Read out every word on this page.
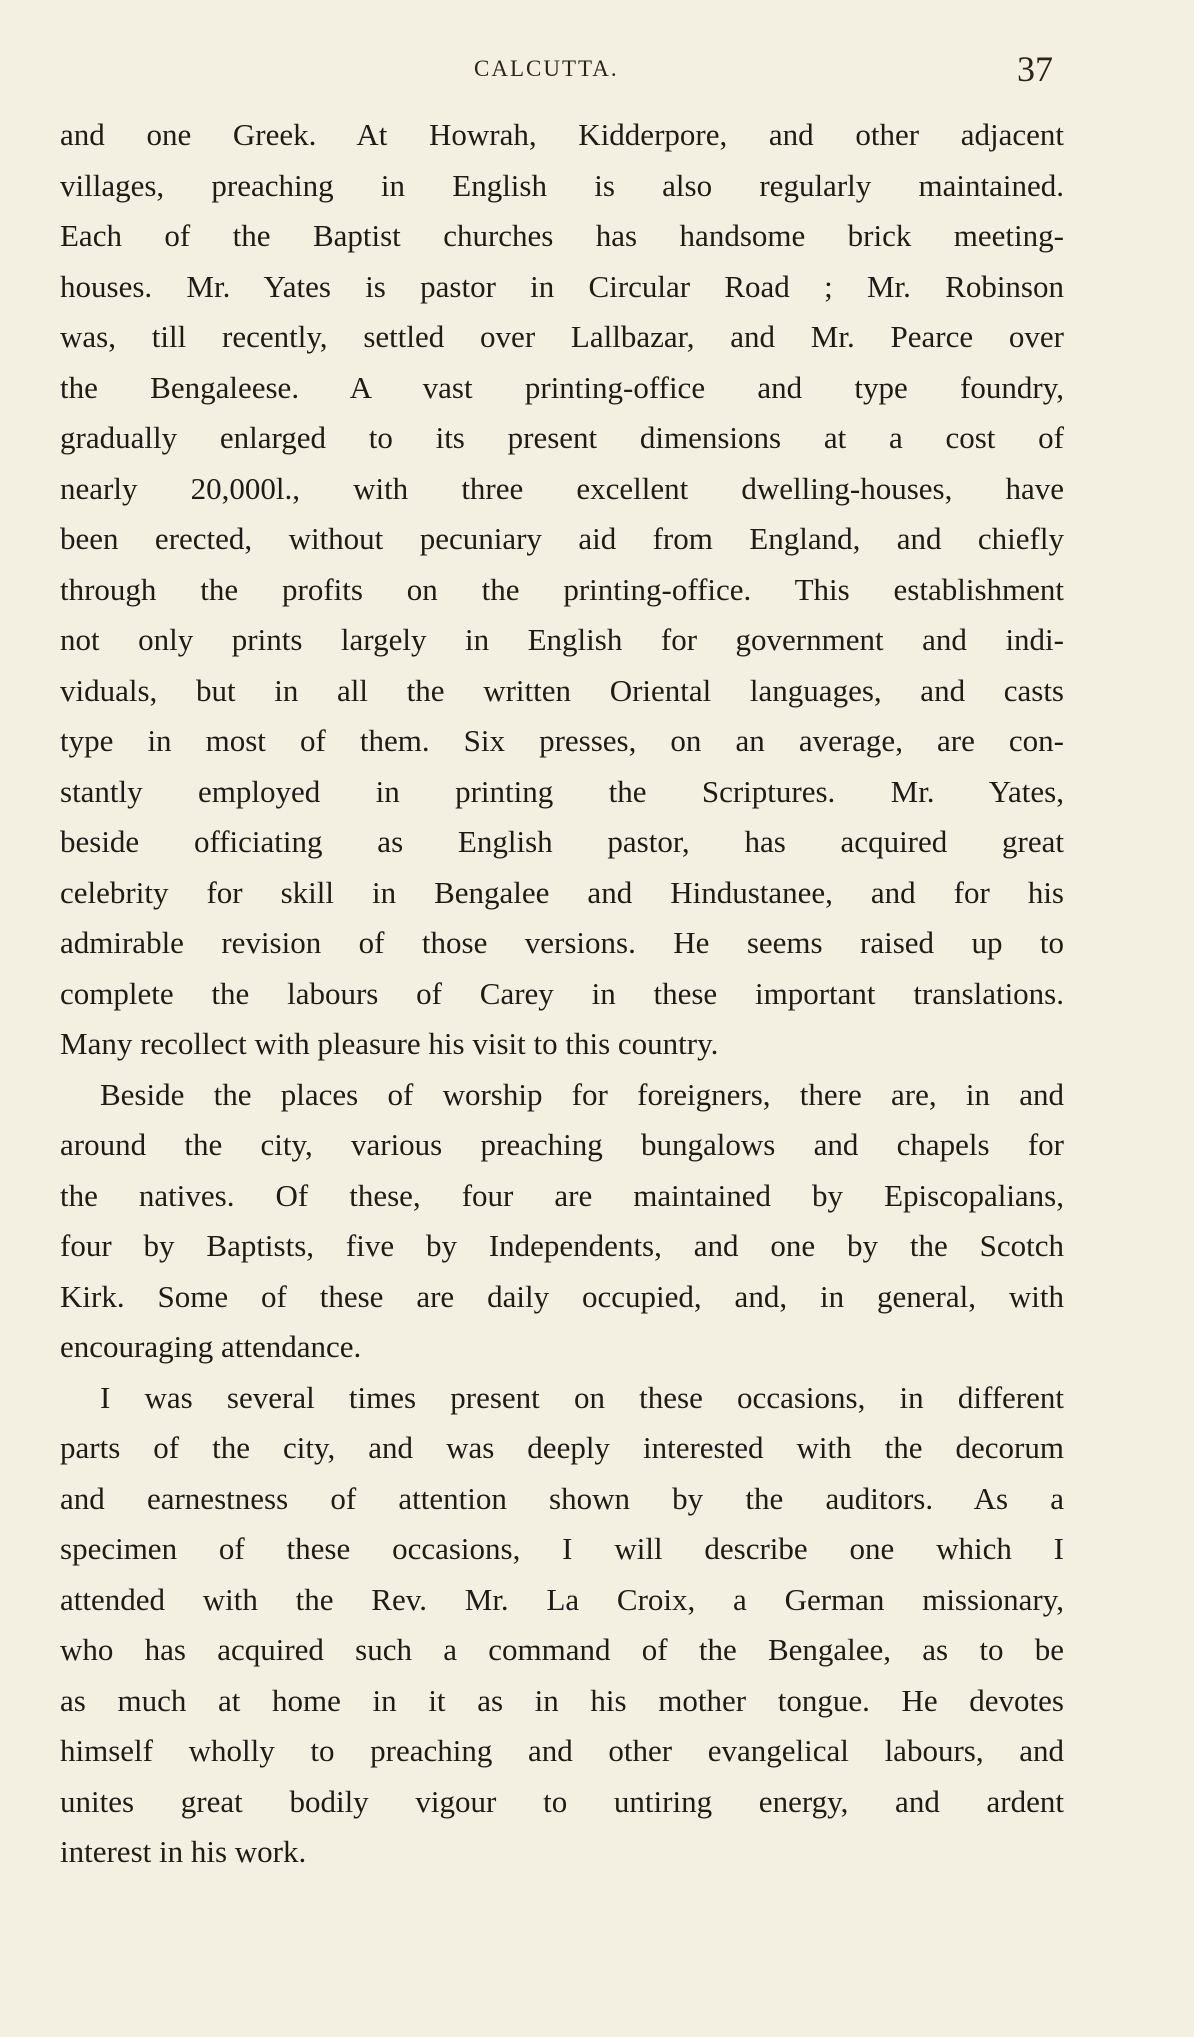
CALCUTTA.	37
and one Greek. At Howrah, Kidderpore, and other adjacent
villages, preaching in English is also regularly maintained.
Each of the Baptist churches has handsome brick meeting-
houses. Mr. Yates is pastor in Circular Road ; Mr. Robinson
was, till recently, settled over Lallbazar, and Mr. Pearce over
the Bengaleese. A vast printing-office and type foundry,
gradually enlarged to its present dimensions at a cost of
nearly 20,000l., with three excellent dwelling-houses, have
been erected, without pecuniary aid from England, and chiefly
through the profits on the printing-office. This establishment
not only prints largely in English for government and indi-
viduals, but in all the written Oriental languages, and casts
type in most of them. Six presses, on an average, are con-
stantly employed in printing the Scriptures. Mr. Yates,
beside officiating as English pastor, has acquired great
celebrity for skill in Bengalee and Hindustanee, and for his
admirable revision of those versions. He seems raised up to
complete the labours of Carey in these important translations.
Many recollect with pleasure his visit to this country.
Beside the places of worship for foreigners, there are, in and
around the city, various preaching bungalows and chapels for
the natives. Of these, four are maintained by Episcopalians,
four by Baptists, five by Independents, and one by the Scotch
Kirk. Some of these are daily occupied, and, in general, with
encouraging attendance.
I was several times present on these occasions, in different
parts of the city, and was deeply interested with the decorum
and earnestness of attention shown by the auditors. As a
specimen of these occasions, I will describe one which I
attended with the Rev. Mr. La Croix, a German missionary,
who has acquired such a command of the Bengalee, as to be
as much at home in it as in his mother tongue. He devotes
himself wholly to preaching and other evangelical labours, and
unites great bodily vigour to untiring energy, and ardent
interest in his work.
